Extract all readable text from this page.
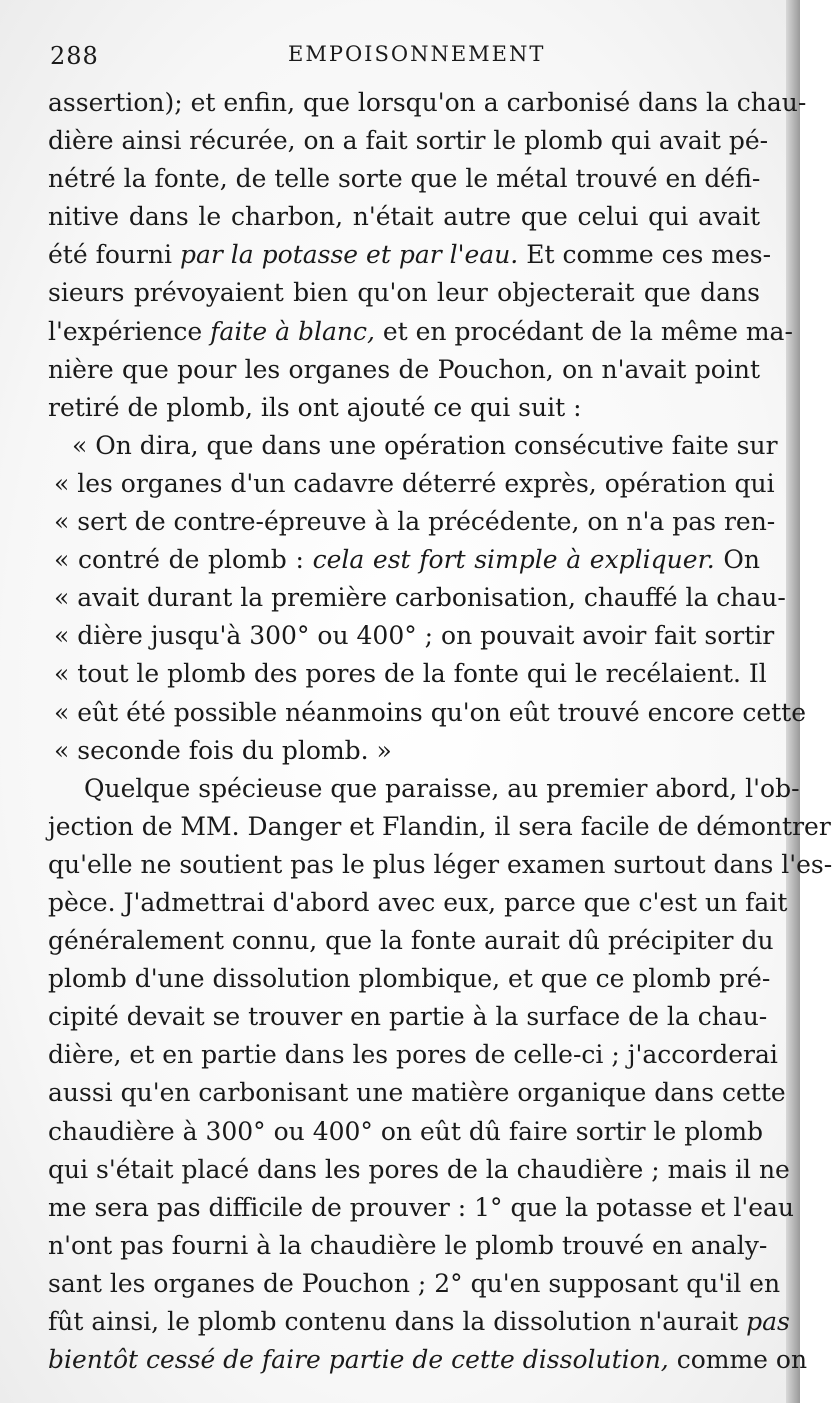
288	EMPOISONNEMENT
assertion); et enfin, que lorsqu'on a carbonisé dans la chau-
dière ainsi récurée, on a fait sortir le plomb qui avait pé-
nétré la fonte, de telle sorte que le métal trouvé en défi-
nitive dans le charbon, n'était autre que celui qui avait
été fourni par la potasse et par l'eau. Et comme ces mes-
sieurs prévoyaient bien qu'on leur objecterait que dans
l'expérience faite à blanc, et en procédant de la même ma-
nière que pour les organes de Pouchon, on n'avait point
retiré de plomb, ils ont ajouté ce qui suit :
« On dira, que dans une opération consécutive faite sur
« les organes d'un cadavre déterré exprès, opération qui
« sert de contre-épreuve à la précédente, on n'a pas ren-
« contré de plomb : cela est fort simple à expliquer. On
« avait durant la première carbonisation, chauffé la chau-
« dière jusqu'à 300° ou 400° ; on pouvait avoir fait sortir
« tout le plomb des pores de la fonte qui le recélaient. Il
« eût été possible néanmoins qu'on eût trouvé encore cette
« seconde fois du plomb. »
Quelque spécieuse que paraisse, au premier abord, l'ob-
jection de MM. Danger et Flandin, il sera facile de démontrer
qu'elle ne soutient pas le plus léger examen surtout dans l'es-
pèce. J'admettrai d'abord avec eux, parce que c'est un fait
généralement connu, que la fonte aurait dû précipiter du
plomb d'une dissolution plombique, et que ce plomb pré-
cipité devait se trouver en partie à la surface de la chau-
dière, et en partie dans les pores de celle-ci ; j'accorderai
aussi qu'en carbonisant une matière organique dans cette
chaudière à 300° ou 400° on eût dû faire sortir le plomb
qui s'était placé dans les pores de la chaudière ; mais il ne
me sera pas difficile de prouver : 1° que la potasse et l'eau
n'ont pas fourni à la chaudière le plomb trouvé en analy-
sant les organes de Pouchon ; 2° qu'en supposant qu'il en
fût ainsi, le plomb contenu dans la dissolution n'aurait pas
bientôt cessé de faire partie de cette dissolution, comme on
